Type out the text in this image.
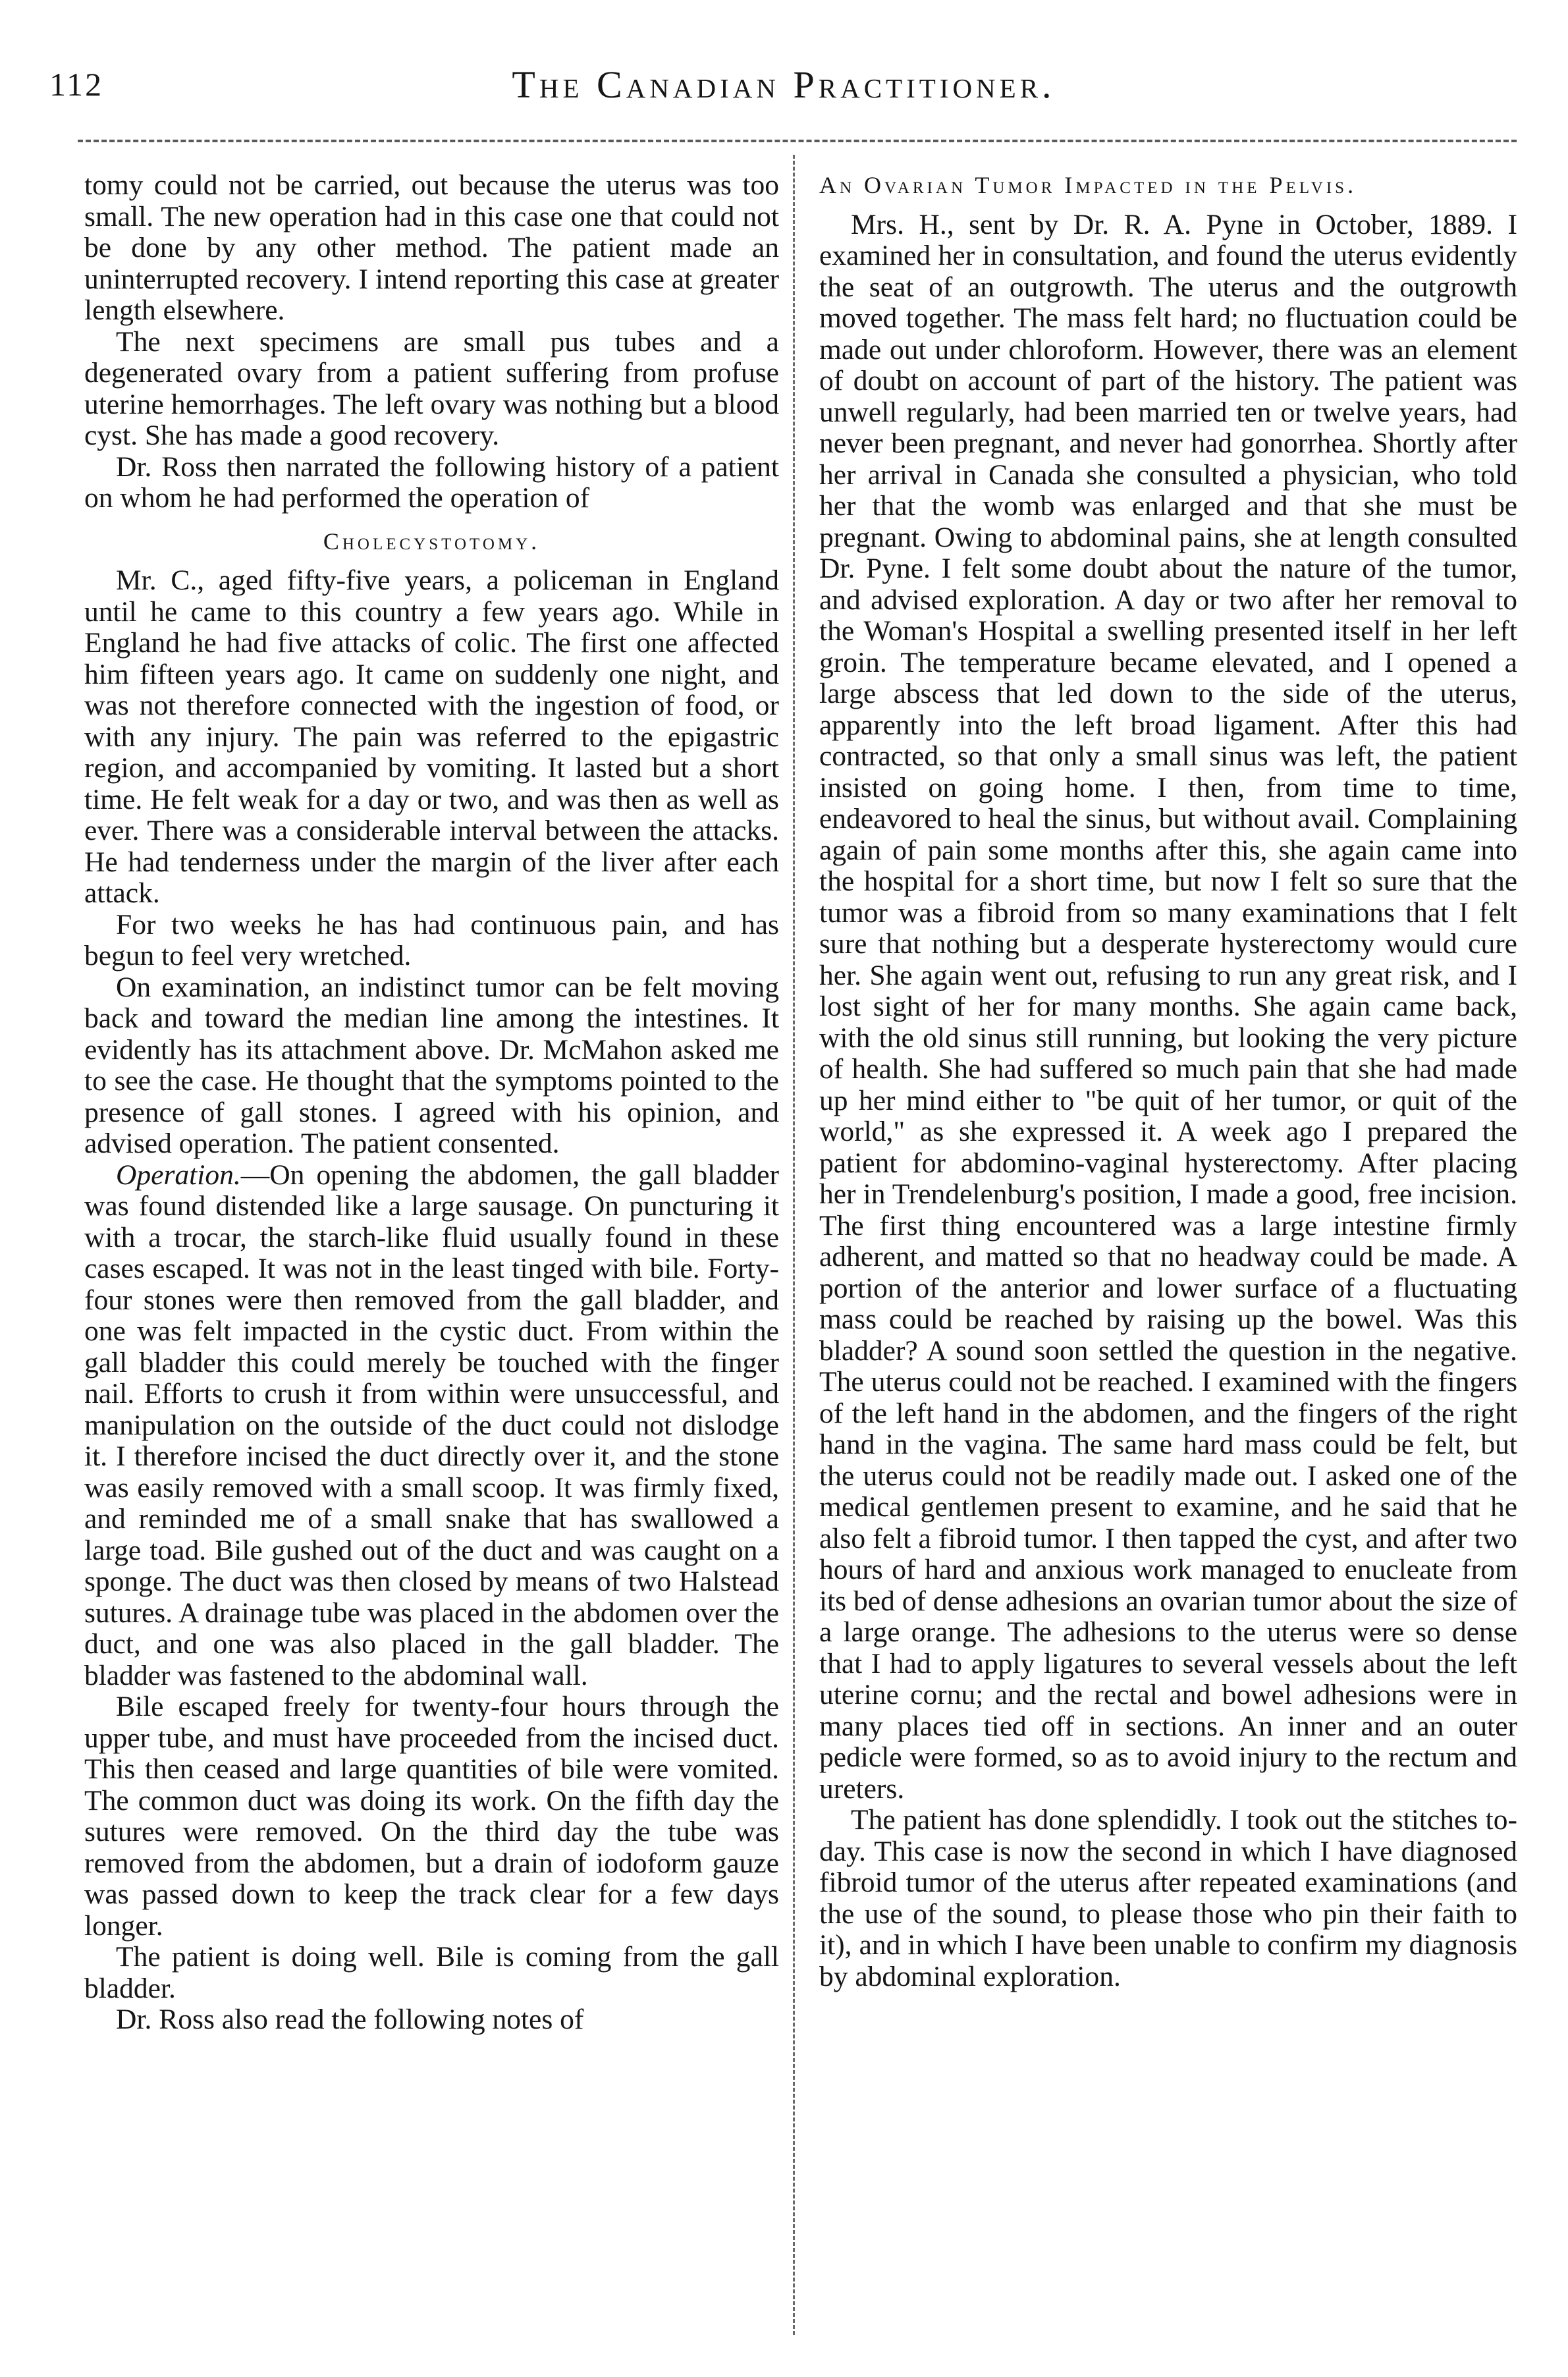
112	The Canadian Practitioner.

tomy could not be carried, out because the uterus was too small. The new operation had in this case one that could not be done by any other method. The patient made an uninterrupted recovery. I intend reporting this case at greater length elsewhere.

The next specimens are small pus tubes and a degenerated ovary from a patient suffering from profuse uterine hemorrhages. The left ovary was nothing but a blood cyst. She has made a good recovery.

Dr. Ross then narrated the following history of a patient on whom he had performed the operation of

Cholecystotomy.

Mr. C., aged fifty-five years, a policeman in England until he came to this country a few years ago. While in England he had five attacks of colic. The first one affected him fifteen years ago. It came on suddenly one night, and was not therefore connected with the ingestion of food, or with any injury. The pain was referred to the epigastric region, and accompanied by vomiting. It lasted but a short time. He felt weak for a day or two, and was then as well as ever. There was a considerable interval between the attacks. He had tenderness under the margin of the liver after each attack.

For two weeks he has had continuous pain, and has begun to feel very wretched.

On examination, an indistinct tumor can be felt moving back and toward the median line among the intestines. It evidently has its attachment above. Dr. McMahon asked me to see the case. He thought that the symptoms pointed to the presence of gall stones. I agreed with his opinion, and advised operation. The patient consented.

Operation.—On opening the abdomen, the gall bladder was found distended like a large sausage. On puncturing it with a trocar, the starch-like fluid usually found in these cases escaped. It was not in the least tinged with bile. Forty-four stones were then removed from the gall bladder, and one was felt impacted in the cystic duct. From within the gall bladder this could merely be touched with the finger nail. Efforts to crush it from within were unsuccessful, and manipulation on the outside of the duct could not dislodge it. I therefore incised the duct directly over it, and the stone was easily removed with a small scoop. It was firmly fixed, and reminded me of a small snake that has swallowed a large toad. Bile gushed out of the duct and was caught on a sponge. The duct was then closed by means of two Halstead sutures. A drainage tube was placed in the abdomen over the duct, and one was also placed in the gall bladder. The bladder was fastened to the abdominal wall.

Bile escaped freely for twenty-four hours through the upper tube, and must have proceeded from the incised duct. This then ceased and large quantities of bile were vomited. The common duct was doing its work. On the fifth day the sutures were removed. On the third day the tube was removed from the abdomen, but a drain of iodoform gauze was passed down to keep the track clear for a few days longer.

The patient is doing well. Bile is coming from the gall bladder.

Dr. Ross also read the following notes of

An Ovarian Tumor Impacted in the Pelvis.

Mrs. H., sent by Dr. R. A. Pyne in October, 1889. I examined her in consultation, and found the uterus evidently the seat of an outgrowth. The uterus and the outgrowth moved together. The mass felt hard; no fluctuation could be made out under chloroform. However, there was an element of doubt on account of part of the history. The patient was unwell regularly, had been married ten or twelve years, had never been pregnant, and never had gonorrhea. Shortly after her arrival in Canada she consulted a physician, who told her that the womb was enlarged and that she must be pregnant. Owing to abdominal pains, she at length consulted Dr. Pyne. I felt some doubt about the nature of the tumor, and advised exploration. A day or two after her removal to the Woman's Hospital a swelling presented itself in her left groin. The temperature became elevated, and I opened a large abscess that led down to the side of the uterus, apparently into the left broad ligament. After this had contracted, so that only a small sinus was left, the patient insisted on going home. I then, from time to time, endeavored to heal the sinus, but without avail. Complaining again of pain some months after this, she again came into the hospital for a short time, but now I felt so sure that the tumor was a fibroid from so many examinations that I felt sure that nothing but a desperate hysterectomy would cure her. She again went out, refusing to run any great risk, and I lost sight of her for many months. She again came back, with the old sinus still running, but looking the very picture of health. She had suffered so much pain that she had made up her mind either to "be quit of her tumor, or quit of the world," as she expressed it. A week ago I prepared the patient for abdomino-vaginal hysterectomy. After placing her in Trendelenburg's position, I made a good, free incision. The first thing encountered was a large intestine firmly adherent, and matted so that no headway could be made. A portion of the anterior and lower surface of a fluctuating mass could be reached by raising up the bowel. Was this bladder? A sound soon settled the question in the negative. The uterus could not be reached. I examined with the fingers of the left hand in the abdomen, and the fingers of the right hand in the vagina. The same hard mass could be felt, but the uterus could not be readily made out. I asked one of the medical gentlemen present to examine, and he said that he also felt a fibroid tumor. I then tapped the cyst, and after two hours of hard and anxious work managed to enucleate from its bed of dense adhesions an ovarian tumor about the size of a large orange. The adhesions to the uterus were so dense that I had to apply ligatures to several vessels about the left uterine cornu; and the rectal and bowel adhesions were in many places tied off in sections. An inner and an outer pedicle were formed, so as to avoid injury to the rectum and ureters.

The patient has done splendidly. I took out the stitches to-day. This case is now the second in which I have diagnosed fibroid tumor of the uterus after repeated examinations (and the use of the sound, to please those who pin their faith to it), and in which I have been unable to confirm my diagnosis by abdominal exploration.
